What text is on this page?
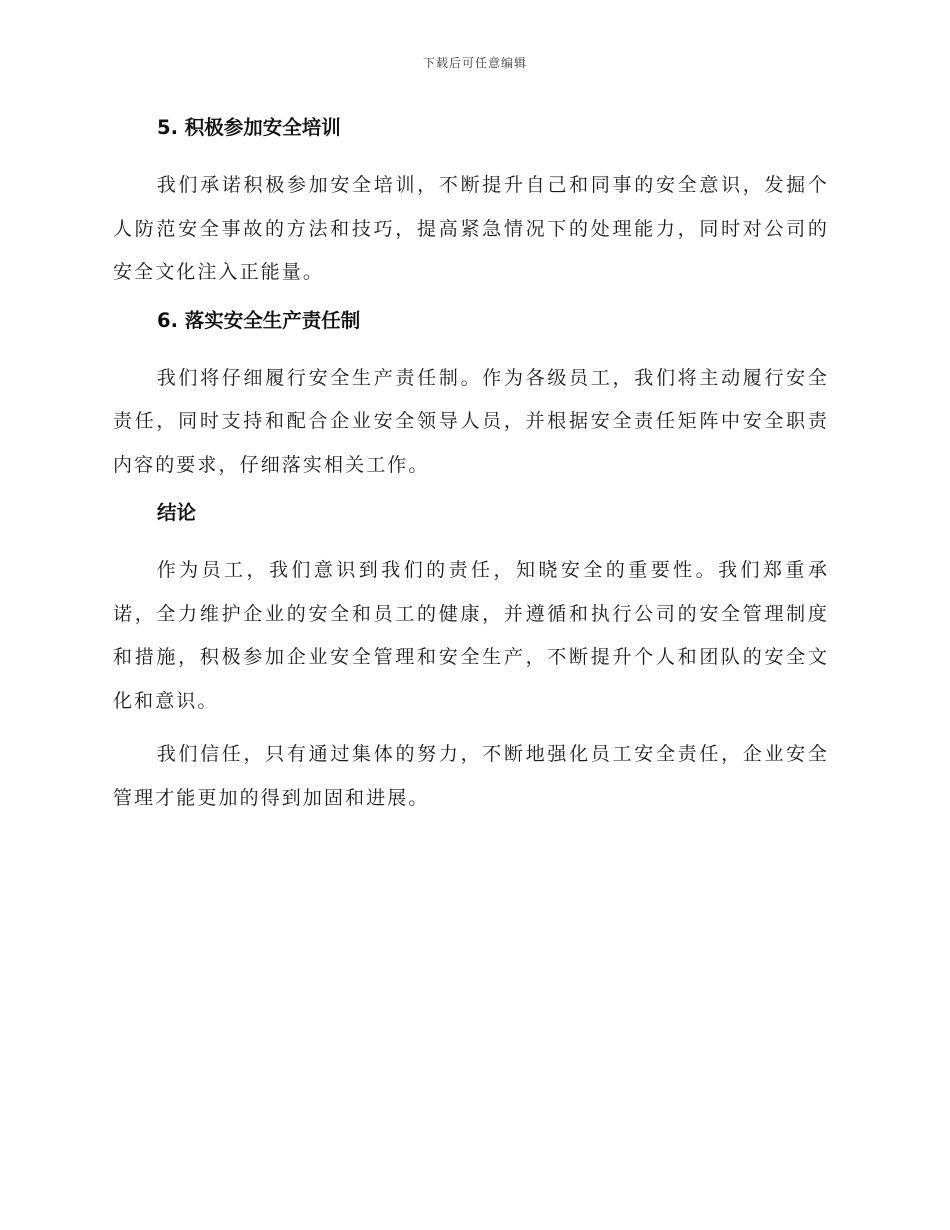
下载后可任意编辑
5. 积极参加安全培训

我们承诺积极参加安全培训，不断提升自己和同事的安全意识，发掘个人防范安全事故的方法和技巧，提高紧急情况下的处理能力，同时对公司的安全文化注入正能量。

6. 落实安全生产责任制

我们将仔细履行安全生产责任制。作为各级员工，我们将主动履行安全责任，同时支持和配合企业安全领导人员，并根据安全责任矩阵中安全职责内容的要求，仔细落实相关工作。

结论

作为员工，我们意识到我们的责任，知晓安全的重要性。我们郑重承诺，全力维护企业的安全和员工的健康，并遵循和执行公司的安全管理制度和措施，积极参加企业安全管理和安全生产，不断提升个人和团队的安全文化和意识。

我们信任，只有通过集体的努力，不断地强化员工安全责任，企业安全管理才能更加的得到加固和进展。
